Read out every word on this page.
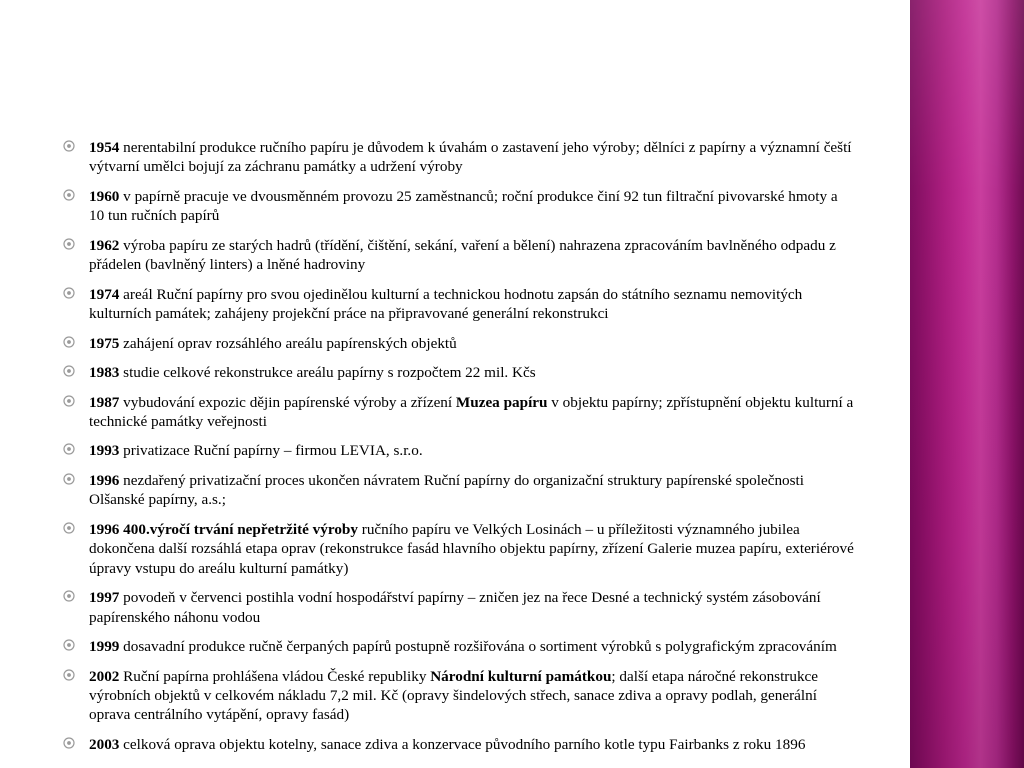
1954 nerentabilní produkce ručního papíru je důvodem k úvahám o zastavení jeho výroby; dělníci z papírny a významní čeští výtvarní umělci bojují za záchranu památky a udržení výroby
1960 v papírně pracuje ve dvousměnném provozu 25 zaměstnanců; roční produkce činí 92 tun filtrační pivovarské hmoty a 10 tun ručních papírů
1962 výroba papíru ze starých hadrů (třídění, čištění, sekání, vaření a bělení) nahrazena zpracováním bavlněného odpadu z přádelen (bavlněný linters) a lněné hadroviny
1974 areál Ruční papírny pro svou ojedinělou kulturní a technickou hodnotu zapsán do státního seznamu nemovitých kulturních památek; zahájeny projekční práce na připravované generální rekonstrukci
1975 zahájení oprav rozsáhlého areálu papírenských objektů
1983 studie celkové rekonstrukce areálu papírny s rozpočtem 22 mil. Kčs
1987 vybudování expozic dějin papírenské výroby a zřízení Muzea papíru v objektu papírny; zpřístupnění objektu kulturní a technické památky veřejnosti
1993 privatizace Ruční papírny – firmou LEVIA, s.r.o.
1996 nezdařený privatizační proces ukončen návratem Ruční papírny do organizační struktury papírenské společnosti Olšanské papírny, a.s.;
1996 400.výročí trvání nepřetržité výroby ručního papíru ve Velkých Losinách – u příležitosti významného jubilea dokončena další rozsáhlá etapa oprav (rekonstrukce fasád hlavního objektu papírny, zřízení Galerie muzea papíru, exteriérové úpravy vstupu do areálu kulturní památky)
1997 povodeň v červenci postihla vodní hospodářství papírny – zničen jez na řece Desné a technický systém zásobování papírenského náhonu vodou
1999 dosavadní produkce ručně čerpaných papírů postupně rozšiřována o sortiment výrobků s polygrafickým zpracováním
2002 Ruční papírna prohlášena vládou České republiky Národní kulturní památkou; další etapa náročné rekonstrukce výrobních objektů v celkovém nákladu 7,2 mil. Kč (opravy šindelových střech, sanace zdiva a opravy podlah, generální oprava centrálního vytápění, opravy fasád)
2003 celková oprava objektu kotelny, sanace zdiva a konzervace původního parního kotle typu Fairbanks z roku 1896
